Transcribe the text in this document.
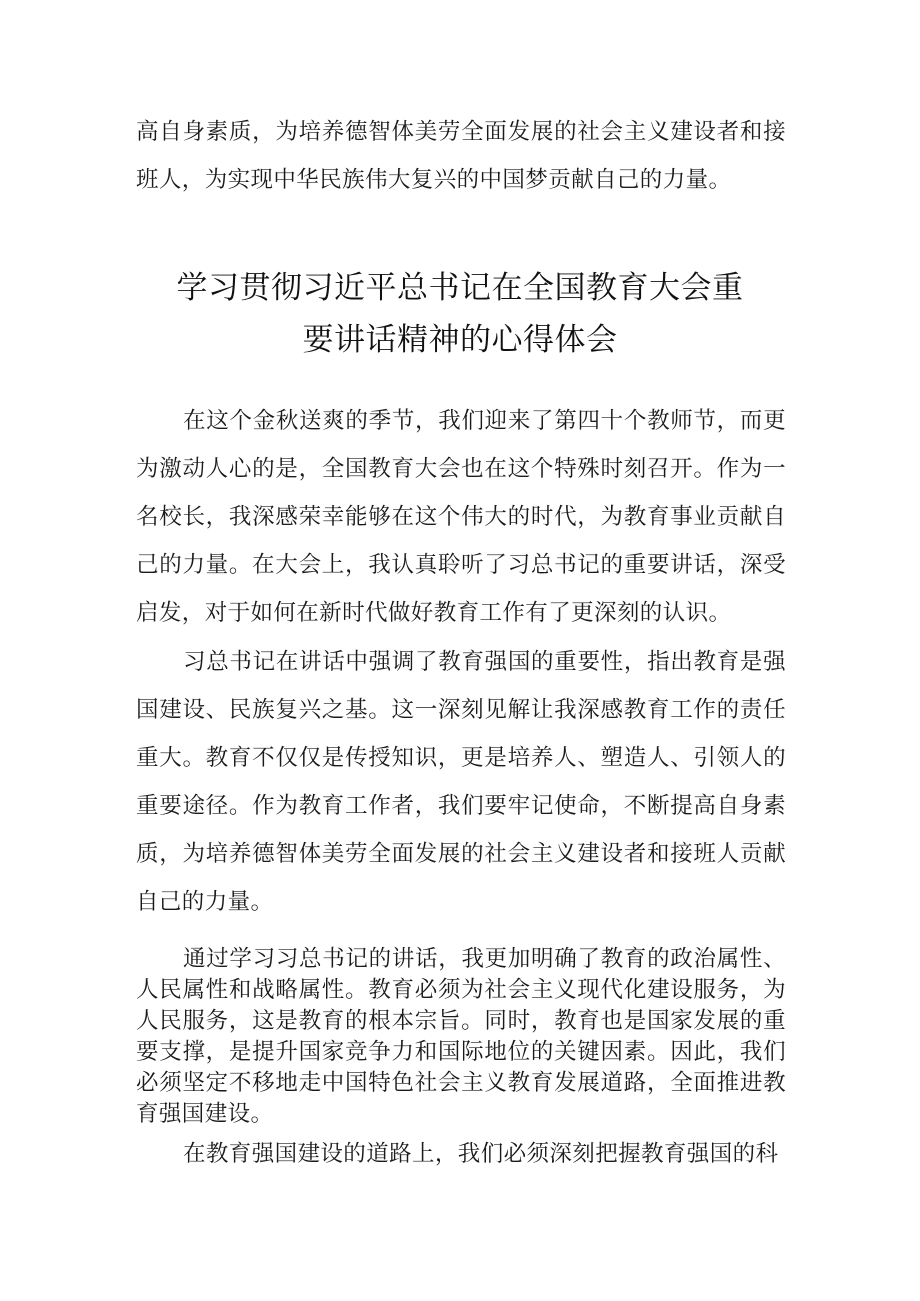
高自身素质，为培养德智体美劳全面发展的社会主义建设者和接班人，为实现中华民族伟大复兴的中国梦贡献自己的力量。

学习贯彻习近平总书记在全国教育大会重
要讲话精神的心得体会

在这个金秋送爽的季节，我们迎来了第四十个教师节，而更为激动人心的是，全国教育大会也在这个特殊时刻召开。作为一名校长，我深感荣幸能够在这个伟大的时代，为教育事业贡献自己的力量。在大会上，我认真聆听了习总书记的重要讲话，深受启发，对于如何在新时代做好教育工作有了更深刻的认识。

习总书记在讲话中强调了教育强国的重要性，指出教育是强国建设、民族复兴之基。这一深刻见解让我深感教育工作的责任重大。教育不仅仅是传授知识，更是培养人、塑造人、引领人的重要途径。作为教育工作者，我们要牢记使命，不断提高自身素质，为培养德智体美劳全面发展的社会主义建设者和接班人贡献自己的力量。

通过学习习总书记的讲话，我更加明确了教育的政治属性、人民属性和战略属性。教育必须为社会主义现代化建设服务，为人民服务，这是教育的根本宗旨。同时，教育也是国家发展的重要支撑，是提升国家竞争力和国际地位的关键因素。因此，我们必须坚定不移地走中国特色社会主义教育发展道路，全面推进教育强国建设。

在教育强国建设的道路上，我们必须深刻把握教育强国的科
